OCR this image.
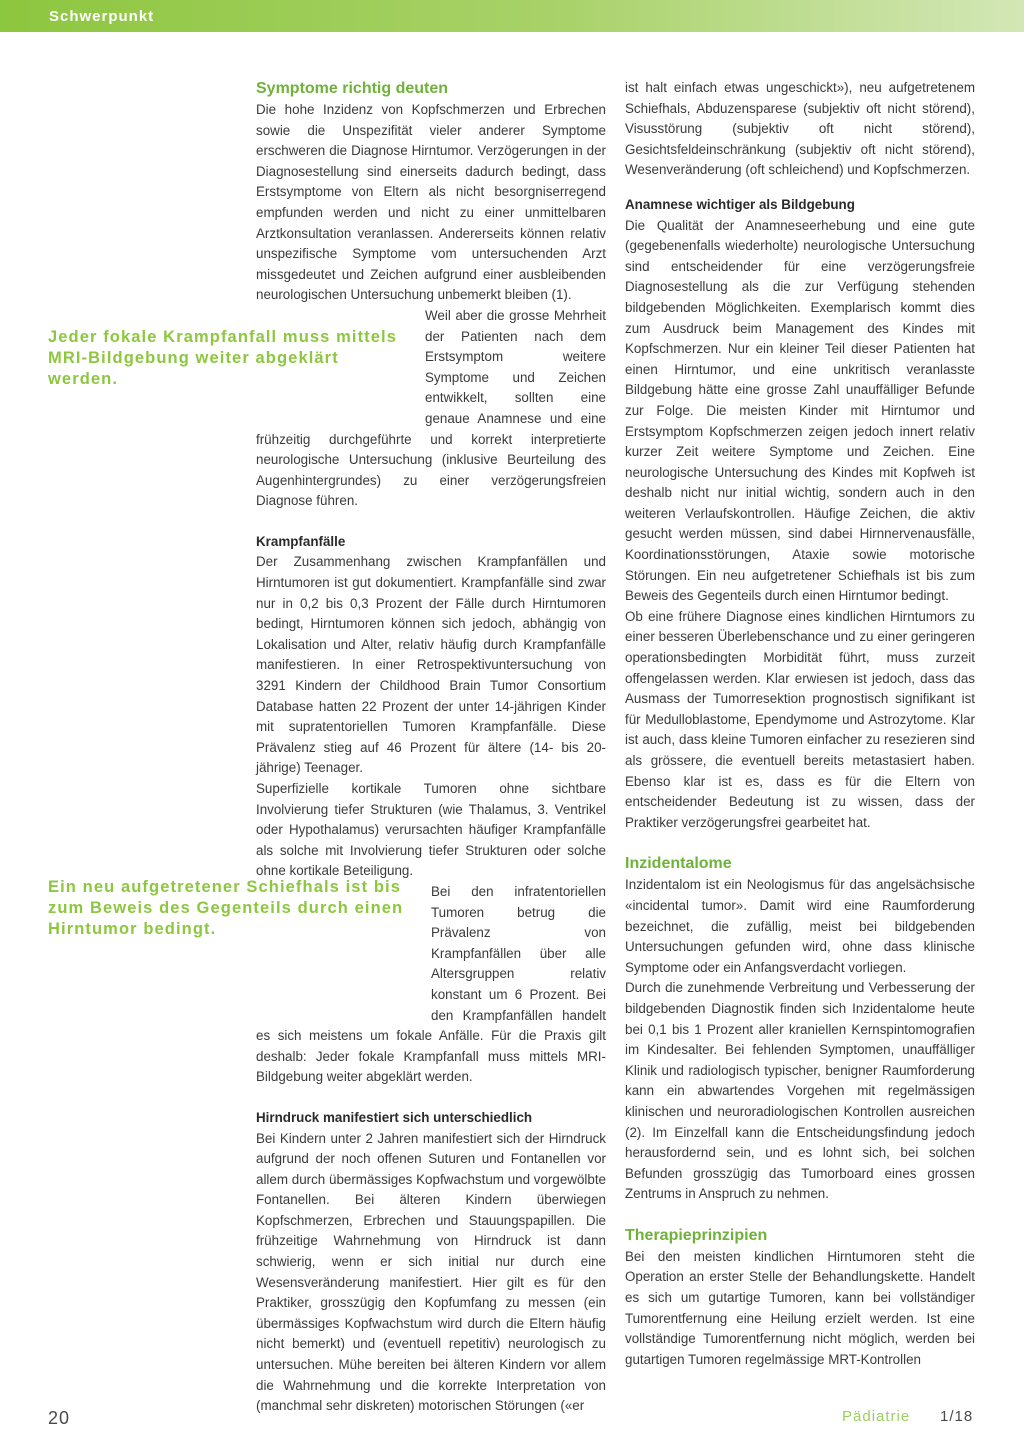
Schwerpunkt

Jeder fokale Krampfanfall muss mittels MRI-Bildgebung weiter abgeklärt werden.

Ein neu aufgetretener Schiefhals ist bis zum Beweis des Gegenteils durch einen Hirntumor bedingt.

Symptome richtig deuten

Die hohe Inzidenz von Kopfschmerzen und Erbrechen sowie die Unspezifität vieler anderer Symptome erschweren die Diagnose Hirntumor. Verzögerungen in der Diagnosestellung sind einerseits dadurch bedingt, dass Erstsymptome von Eltern als nicht besorgniserregend empfunden werden und nicht zu einer unmittelbaren Arztkonsultation veranlassen. Andererseits können relativ unspezifische Symptome vom untersuchenden Arzt missgedeutet und Zeichen aufgrund einer ausbleibenden neurologischen Untersuchung unbemerkt bleiben (1).

Weil aber die grosse Mehrheit der Patienten nach dem Erstsymptom weitere Symptome und Zeichen entwikkelt, sollten eine genaue Anamnese und eine frühzeitig durchgeführte und korrekt interpretierte neurologische Untersuchung (inklusive Beurteilung des Augenhintergrundes) zu einer verzögerungsfreien Diagnose führen.

Krampfanfälle

Der Zusammenhang zwischen Krampfanfällen und Hirntumoren ist gut dokumentiert. Krampfanfälle sind zwar nur in 0,2 bis 0,3 Prozent der Fälle durch Hirntumoren bedingt, Hirntumoren können sich jedoch, abhängig von Lokalisation und Alter, relativ häufig durch Krampfanfälle manifestieren. In einer Retrospektivuntersuchung von 3291 Kindern der Childhood Brain Tumor Consortium Database hatten 22 Prozent der unter 14-jährigen Kinder mit supratentoriellen Tumoren Krampfanfälle. Diese Prävalenz stieg auf 46 Prozent für ältere (14- bis 20-jährige) Teenager.

Superfizielle kortikale Tumoren ohne sichtbare Involvierung tiefer Strukturen (wie Thalamus, 3. Ventrikel oder Hypothalamus) verursachten häufiger Krampfanfälle als solche mit Involvierung tiefer Strukturen oder solche ohne kortikale Beteiligung.

Bei den infratentoriellen Tumoren betrug die Prävalenz von Krampfanfällen über alle Altersgruppen relativ konstant um 6 Prozent. Bei den Krampfanfällen handelt es sich meistens um fokale Anfälle. Für die Praxis gilt deshalb: Jeder fokale Krampfanfall muss mittels MRI-Bildgebung weiter abgeklärt werden.

Hirndruck manifestiert sich unterschiedlich

Bei Kindern unter 2 Jahren manifestiert sich der Hirndruck aufgrund der noch offenen Suturen und Fontanellen vor allem durch übermässiges Kopfwachstum und vorgewölbte Fontanellen. Bei älteren Kindern überwiegen Kopfschmerzen, Erbrechen und Stauungspapillen. Die frühzeitige Wahrnehmung von Hirndruck ist dann schwierig, wenn er sich initial nur durch eine Wesensveränderung manifestiert. Hier gilt es für den Praktiker, grosszügig den Kopfumfang zu messen (ein übermässiges Kopfwachstum wird durch die Eltern häufig nicht bemerkt) und (eventuell repetitiv) neurologisch zu untersuchen. Mühe bereiten bei älteren Kindern vor allem die Wahrnehmung und die korrekte Interpretation von (manchmal sehr diskreten) motorischen Störungen («er

ist halt einfach etwas ungeschickt»), neu aufgetretenem Schiefhals, Abduzensparese (subjektiv oft nicht störend), Visusstörung (subjektiv oft nicht störend), Gesichtsfeldeinschränkung (subjektiv oft nicht störend), Wesenveränderung (oft schleichend) und Kopfschmerzen.

Anamnese wichtiger als Bildgebung

Die Qualität der Anamneseerhebung und eine gute (gegebenenfalls wiederholte) neurologische Untersuchung sind entscheidender für eine verzögerungsfreie Diagnosestellung als die zur Verfügung stehenden bildgebenden Möglichkeiten. Exemplarisch kommt dies zum Ausdruck beim Management des Kindes mit Kopfschmerzen. Nur ein kleiner Teil dieser Patienten hat einen Hirntumor, und eine unkritisch veranlasste Bildgebung hätte eine grosse Zahl unauffälliger Befunde zur Folge. Die meisten Kinder mit Hirntumor und Erstsymptom Kopfschmerzen zeigen jedoch innert relativ kurzer Zeit weitere Symptome und Zeichen. Eine neurologische Untersuchung des Kindes mit Kopfweh ist deshalb nicht nur initial wichtig, sondern auch in den weiteren Verlaufskontrollen. Häufige Zeichen, die aktiv gesucht werden müssen, sind dabei Hirnnervenausfälle, Koordinationsstörungen, Ataxie sowie motorische Störungen. Ein neu aufgetretener Schiefhals ist bis zum Beweis des Gegenteils durch einen Hirntumor bedingt.

Ob eine frühere Diagnose eines kindlichen Hirntumors zu einer besseren Überlebenschance und zu einer geringeren operationsbedingten Morbidität führt, muss zurzeit offengelassen werden. Klar erwiesen ist jedoch, dass das Ausmass der Tumorresektion prognostisch signifikant ist für Medulloblastome, Ependymome und Astrozytome. Klar ist auch, dass kleine Tumoren einfacher zu resezieren sind als grössere, die eventuell bereits metastasiert haben. Ebenso klar ist es, dass es für die Eltern von entscheidender Bedeutung ist zu wissen, dass der Praktiker verzögerungsfrei gearbeitet hat.

Inzidentalome

Inzidentalom ist ein Neologismus für das angelsächsische «incidental tumor». Damit wird eine Raumforderung bezeichnet, die zufällig, meist bei bildgebenden Untersuchungen gefunden wird, ohne dass klinische Symptome oder ein Anfangsverdacht vorliegen.

Durch die zunehmende Verbreitung und Verbesserung der bildgebenden Diagnostik finden sich Inzidentalome heute bei 0,1 bis 1 Prozent aller kraniellen Kernspintomografien im Kindesalter. Bei fehlenden Symptomen, unauffälliger Klinik und radiologisch typischer, benigner Raumforderung kann ein abwartendes Vorgehen mit regelmässigen klinischen und neuroradiologischen Kontrollen ausreichen (2). Im Einzelfall kann die Entscheidungsfindung jedoch herausfordernd sein, und es lohnt sich, bei solchen Befunden grosszügig das Tumorboard eines grossen Zentrums in Anspruch zu nehmen.

Therapieprinzipien

Bei den meisten kindlichen Hirntumoren steht die Operation an erster Stelle der Behandlungskette. Handelt es sich um gutartige Tumoren, kann bei vollständiger Tumorentfernung eine Heilung erzielt werden. Ist eine vollständige Tumorentfernung nicht möglich, werden bei gutartigen Tumoren regelmässige MRT-Kontrollen

20	Pädiatrie 1/18
